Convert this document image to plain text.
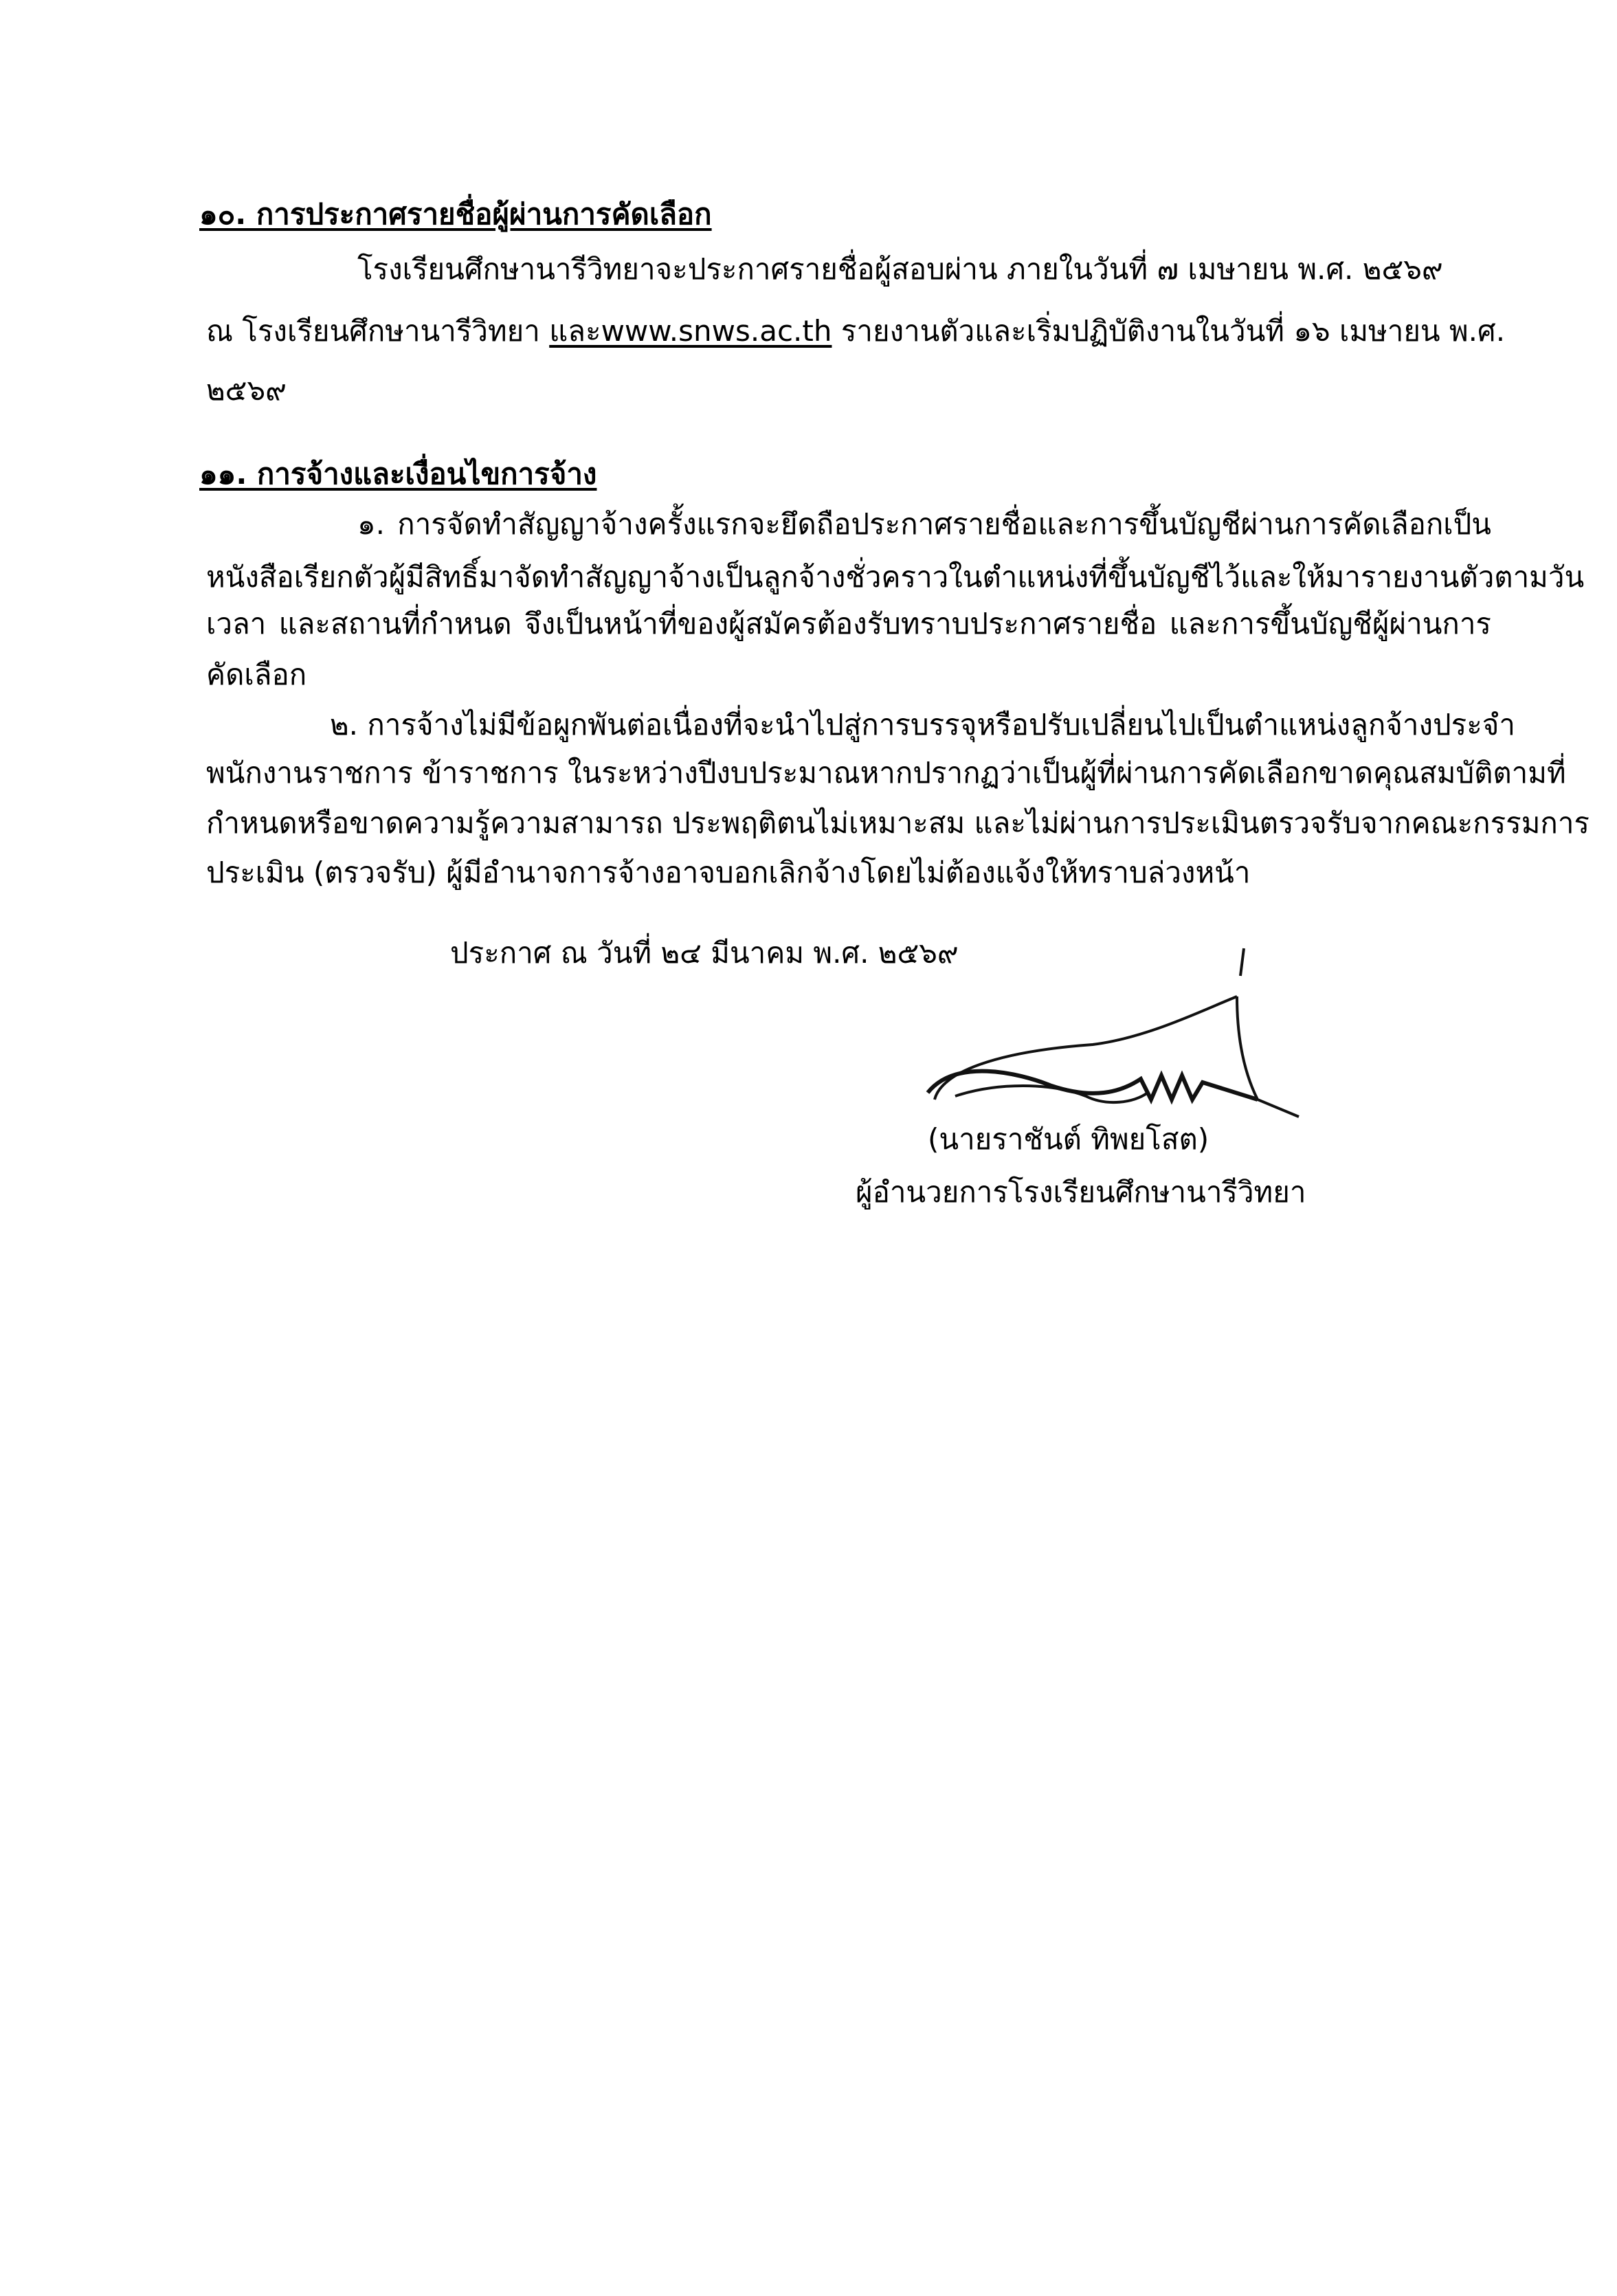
๑๐. การประกาศรายชื่อผู้ผ่านการคัดเลือก
โรงเรียนศึกษานารีวิทยาจะประกาศรายชื่อผู้สอบผ่าน ภายในวันที่ ๗ เมษายน พ.ศ. ๒๕๖๙
ณ โรงเรียนศึกษานารีวิทยา และwww.snws.ac.th รายงานตัวและเริ่มปฏิบัติงานในวันที่ ๑๖ เมษายน พ.ศ.
๒๕๖๙
๑๑. การจ้างและเงื่อนไขการจ้าง
๑. การจัดทำสัญญาจ้างครั้งแรกจะยึดถือประกาศรายชื่อและการขึ้นบัญชีผ่านการคัดเลือกเป็น
หนังสือเรียกตัวผู้มีสิทธิ์มาจัดทำสัญญาจ้างเป็นลูกจ้างชั่วคราวในตำแหน่งที่ขึ้นบัญชีไว้และให้มารายงานตัวตามวัน
เวลา และสถานที่กำหนด จึงเป็นหน้าที่ของผู้สมัครต้องรับทราบประกาศรายชื่อ และการขึ้นบัญชีผู้ผ่านการ
คัดเลือก
๒. การจ้างไม่มีข้อผูกพันต่อเนื่องที่จะนำไปสู่การบรรจุหรือปรับเปลี่ยนไปเป็นตำแหน่งลูกจ้างประจำ
พนักงานราชการ ข้าราชการ ในระหว่างปีงบประมาณหากปรากฏว่าเป็นผู้ที่ผ่านการคัดเลือกขาดคุณสมบัติตามที่
กำหนดหรือขาดความรู้ความสามารถ ประพฤติตนไม่เหมาะสม และไม่ผ่านการประเมินตรวจรับจากคณะกรรมการ
ประเมิน (ตรวจรับ) ผู้มีอำนาจการจ้างอาจบอกเลิกจ้างโดยไม่ต้องแจ้งให้ทราบล่วงหน้า
ประกาศ ณ วันที่ ๒๔ มีนาคม พ.ศ. ๒๕๖๙
(นายราชันต์ ทิพยโสต)
ผู้อำนวยการโรงเรียนศึกษานารีวิทยา
